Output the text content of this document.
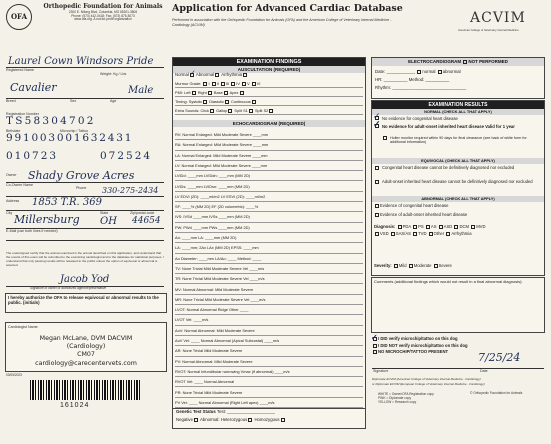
OFA
Orthopedic Foundation for Animals
2300 E. Nifong Blvd, Columbia, MO 65201-3806
Phone: (573) 442-0418; Fax: (573) 875-5073
www.ofa.org. A not-for-profit organization
Laurel Cown Windsors Pride
Registered Name
Weight: Kg / Lbs
Cavalier	Male
Breed	Sex	Age
Registration Number
TS58304702
Birthdate	Microchip / Tattoo
991003001632431
010723	072524
Shady Grove Acres
Owner
Co-Owner Name
Phone 330-275-2434
Address 1853 T.R. 369
City	State	Zip/postal code
Millersburg OH 44654
E-Mail (use both lines if needed)
The undersigned certify that the animal examined is the animal described on this application, and understand that the results of this exam will be submitted to the examining cardiologist and to the database for statistical purposes. I understand that only passing results will be released to the public unless the option of equivocal or abnormal is selected.
Jacob Yod
Signature of owner or authorized agent/representative
I hereby authorize the OFA to release equivocal or abnormal results to the public. (initials)
Cardiologist Name:
Megan McLane, DVM DACVIM
(Cardiology)
CM07
cardiology@carecentervets.com
03/05/2023
161024
Application for Advanced Cardiac Database
Performed in association with the Orthopedic Foundation for Animals (OFA) and the American College of Veterinary Internal Medicine - Cardiology (ACVIM)	ACVIM
American College of Veterinary Internal Medicine
EXAMINATION FINDINGS
AUSCULTATION (REQUIRED)
Normal ✓ Abnormal Arrhythmia
Murmur Grade: I II III IV V VI
PMI: Left Right Base Apex
Timing: Systolic Diastolic Continuous
Extra Sounds: Click Gallop Split S1 Split S2
ECHOCARDIOGRAM (REQUIRED)
RV: Normal Enlarged: Mild Moderate Severe ____mm
RA: Normal Enlarged: Mild Moderate Severe ____mm
LA: Normal Enlarged: Mild Moderate Severe ____mm
LV: Normal Enlarged: Mild Moderate Severe ____mm
LVIDd: ____mm LVIDdn: ____mm (MM 2D)
LVIDs: ____mm LVIDsn: ____mm (MM 2D)
LV EDVI (2D): ____ml/m2 LV ESVI (2D): ____ml/m2
SF: ____% (MM 2D) EF (2D volumetric): ____%
IVS: IVSd ____mm IVSs ____mm (MM 2D)
PW: PWd ____mm PWs ____mm (MM 2D)
Ao: ____mm LA: ____mm (MM 2D)
LA: ____mm; 2Ax LAx (MM 2D) EPSS: ____mm
Ao Diameter: ____mm LA/Ao: ____ Method: ____
TV: None Trivial Mild Moderate Severe Vel ____m/s
TR: None Trivial Mild Moderate Severe Vel ____m/s
MV: Normal Abnormal: Mild Moderate Severe
MR: None Trivial Mild Moderate Severe Vel ____m/s
LVOT: Normal Abnormal Ridge Other ____
LVOT Vel: ____m/s
AoV: Normal Abnormal: Mild Moderate Severe
AoV Vel: ____ Normal Abnormal (Apical Subcostal) ____m/s
AR: None Trivial Mild Moderate Severe
PV: Normal Abnormal: Mild Moderate Severe
RVOT: Normal Infundibular narrowing Vmax (if abnormal) ____m/s
RVOT Vel: ____ Normal Abnormal
PR: None Trivial Mild Moderate Severe
PV Vel: ____ Normal Abnormal (Right Left apex) ____m/s
Genetic Test Status Test: ____________________
Negative Abnormal: Heterozygous Homozygous
ELECTROCARDIOGRAM NOT PERFORMED
Date: ____________ normal abnormal
HR: __________ Method: __________
Rhythm: _______________________________
EXAMINATION RESULTS
NORMAL (CHECK ALL THAT APPLY)
✓ No evidence for congenital heart disease
✓ No evidence for adult-onset inherited heart disease Valid for 1 year
Holter monitor required within 90 days for final clearance (see back of white form for additional information)
EQUIVOCAL (CHECK ALL THAT APPLY)
Congenital heart disease cannot be definitively diagnosed nor excluded
Adult-onset inherited heart disease cannot be definitively diagnosed nor excluded
ABNORMAL (CHECK ALL THAT APPLY)
Evidence of congenital heart disease
Evidence of adult-onset inherited heart disease
Diagnosis: PDA PS AS ASD DCM MVD
VSD SAS/AS TVD Other Arrhythmia
Severity: Mild Moderate Severe
Comments (additional findings which would not result in a final abnormal diagnosis):
✓ I DID verify microchip/tattoo on this dog
I DID NOT verify microchip/tattoo on this dog
NO MICROCHIP/TATTOO PRESENT	7/25/24
Signature	Date
Diplomate ACVIM (American College of Veterinary Internal Medicine - Cardiology)
or Diplomate ECVIM (European College of Veterinary Internal Medicine - Cardiology)
WHITE = Owner/OFA Registration copy
PINK = Diplomate copy
YELLOW = Research copy
© Orthopedic Foundation for Animals
